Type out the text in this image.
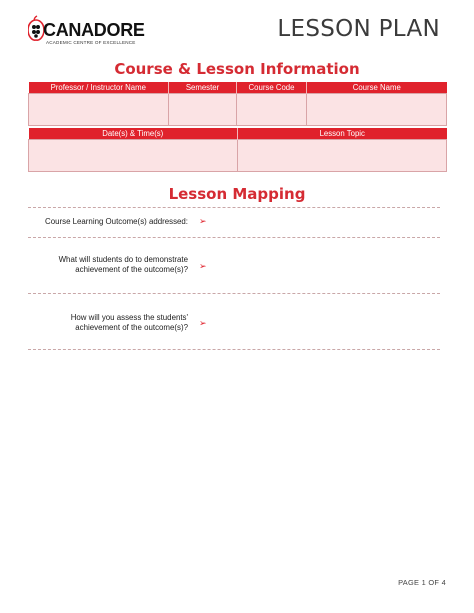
CANADORE
ACADEMIC CENTRE OF EXCELLENCE
LESSON PLAN
Course & Lesson Information
Professor / Instructor Name	Semester	Course Code	Course Name

Date(s) & Time(s)	Lesson Topic

Lesson Mapping
Course Learning Outcome(s) addressed: ➢
What will students do to demonstrate
achievement of the outcome(s)? ➢
How will you assess the students'
achievement of the outcome(s)? ➢
PAGE 1 OF 4
